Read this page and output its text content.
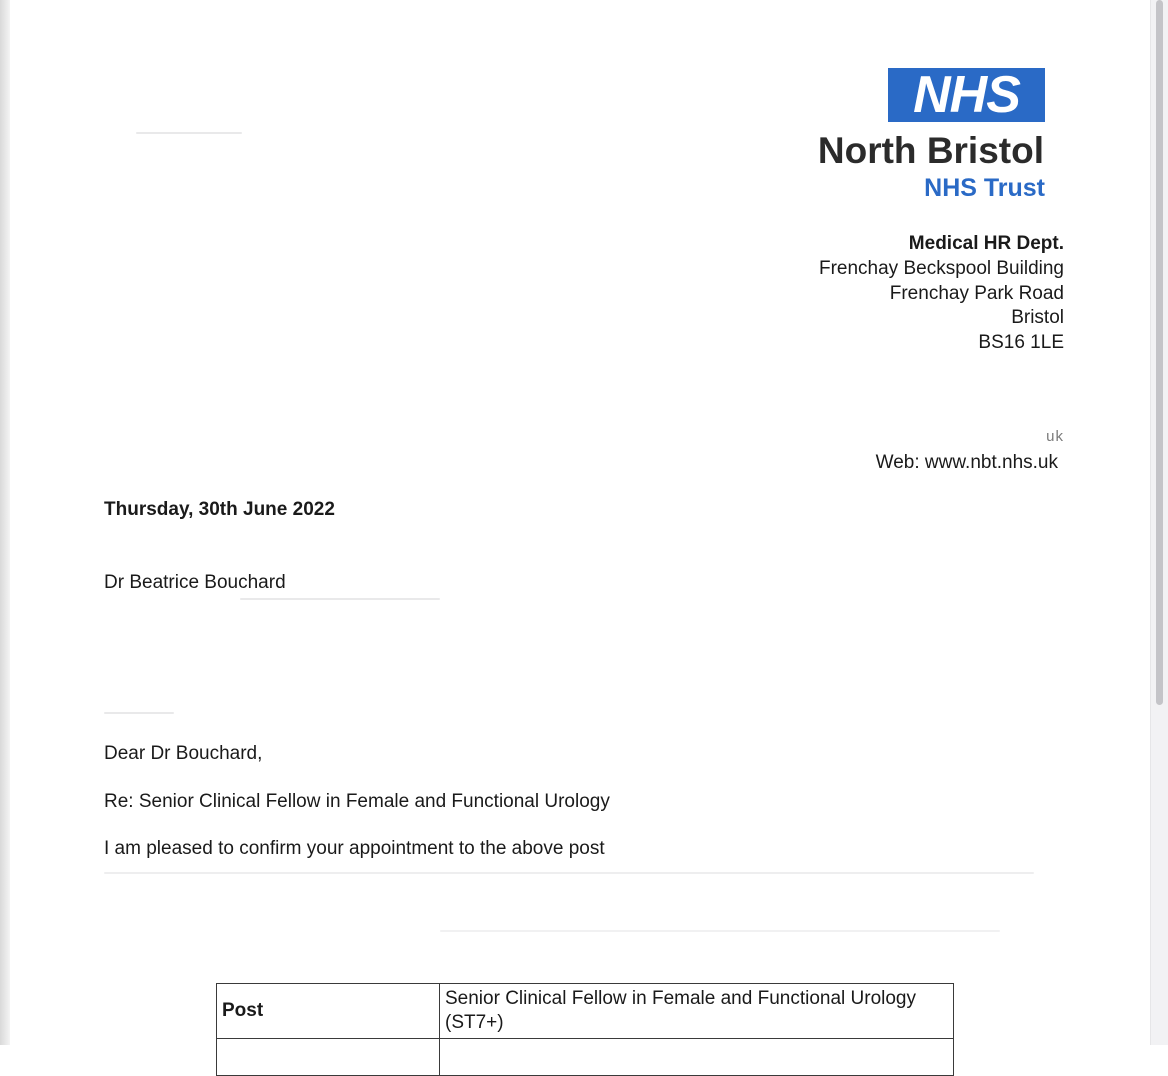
NHS
North Bristol
NHS Trust
Medical HR Dept.
Frenchay Beckspool Building
Frenchay Park Road
Bristol
BS16 1LE
uk
Web: www.nbt.nhs.uk
Thursday, 30th June 2022
Dr Beatrice Bouchard
Dear Dr Bouchard,
Re: Senior Clinical Fellow in Female and Functional Urology
I am pleased to confirm your appointment to the above post
Post	Senior Clinical Fellow in Female and Functional Urology (ST7+)
